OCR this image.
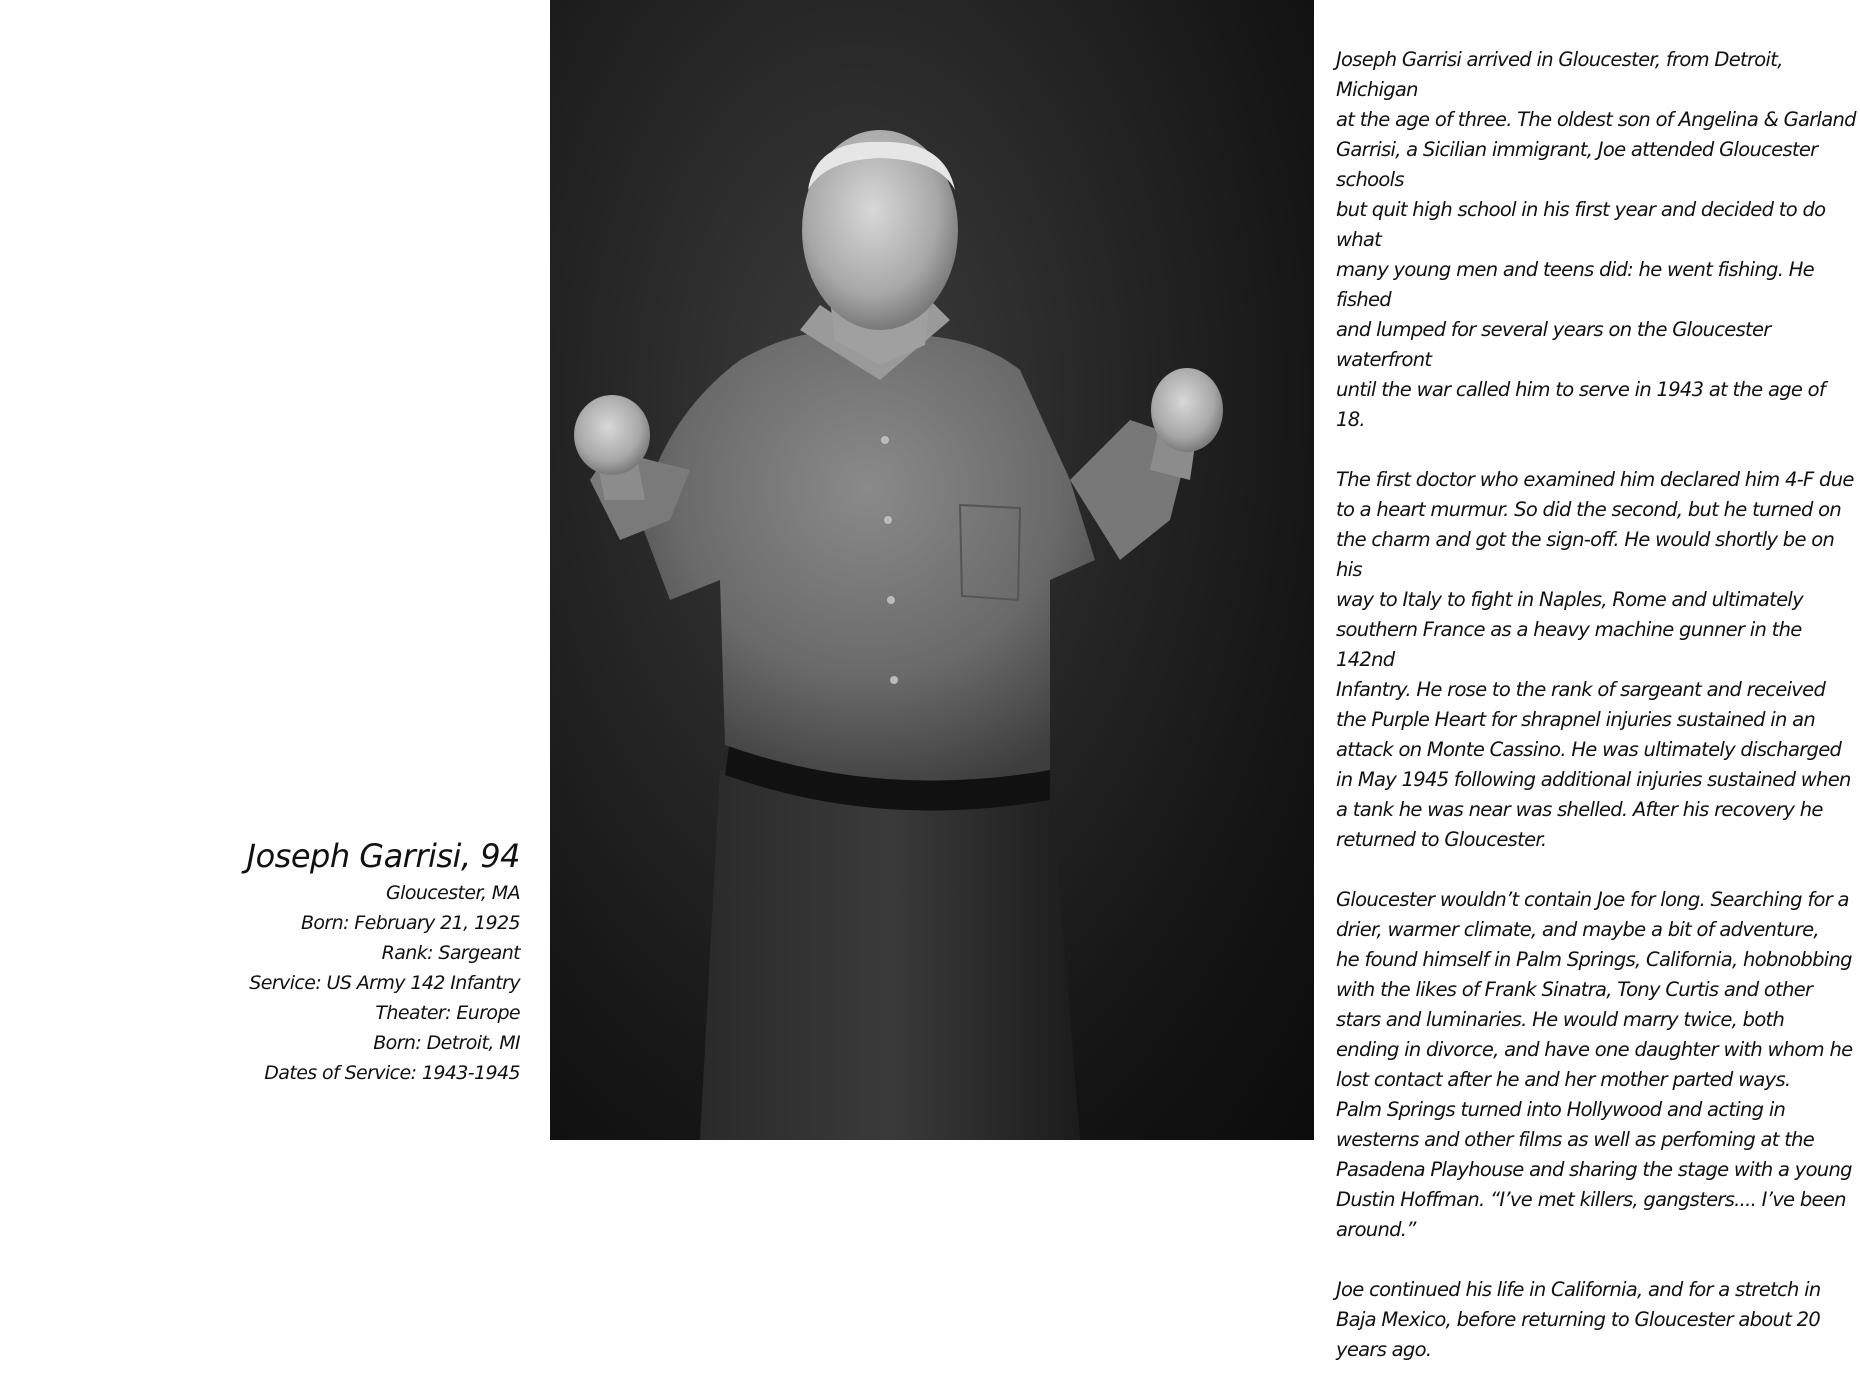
Joseph Garrisi, 94
Gloucester, MA
Born: February 21, 1925
Rank: Sargeant
Service: US Army 142 Infantry
Theater: Europe
Born: Detroit, MI
Dates of Service: 1943-1945

Joseph Garrisi arrived in Gloucester, from Detroit, Michigan
at the age of three. The oldest son of Angelina & Garland
Garrisi, a Sicilian immigrant, Joe attended Gloucester schools
but quit high school in his first year and decided to do what
many young men and teens did: he went fishing. He fished
and lumped for several years on the Gloucester waterfront
until the war called him to serve in 1943 at the age of 18.

The first doctor who examined him declared him 4-F due
to a heart murmur. So did the second, but he turned on
the charm and got the sign-off. He would shortly be on his
way to Italy to fight in Naples, Rome and ultimately
southern France as a heavy machine gunner in the 142nd
Infantry. He rose to the rank of sargeant and received
the Purple Heart for shrapnel injuries sustained in an
attack on Monte Cassino. He was ultimately discharged
in May 1945 following additional injuries sustained when
a tank he was near was shelled. After his recovery he
returned to Gloucester.

Gloucester wouldn’t contain Joe for long. Searching for a
drier, warmer climate, and maybe a bit of adventure,
he found himself in Palm Springs, California, hobnobbing
with the likes of Frank Sinatra, Tony Curtis and other
stars and luminaries. He would marry twice, both
ending in divorce, and have one daughter with whom he
lost contact after he and her mother parted ways.
Palm Springs turned into Hollywood and acting in
westerns and other films as well as perfoming at the
Pasadena Playhouse and sharing the stage with a young
Dustin Hoffman. “I’ve met killers, gangsters.... I’ve been
around.”

Joe continued his life in California, and for a stretch in
Baja Mexico, before returning to Gloucester about 20
years ago.
